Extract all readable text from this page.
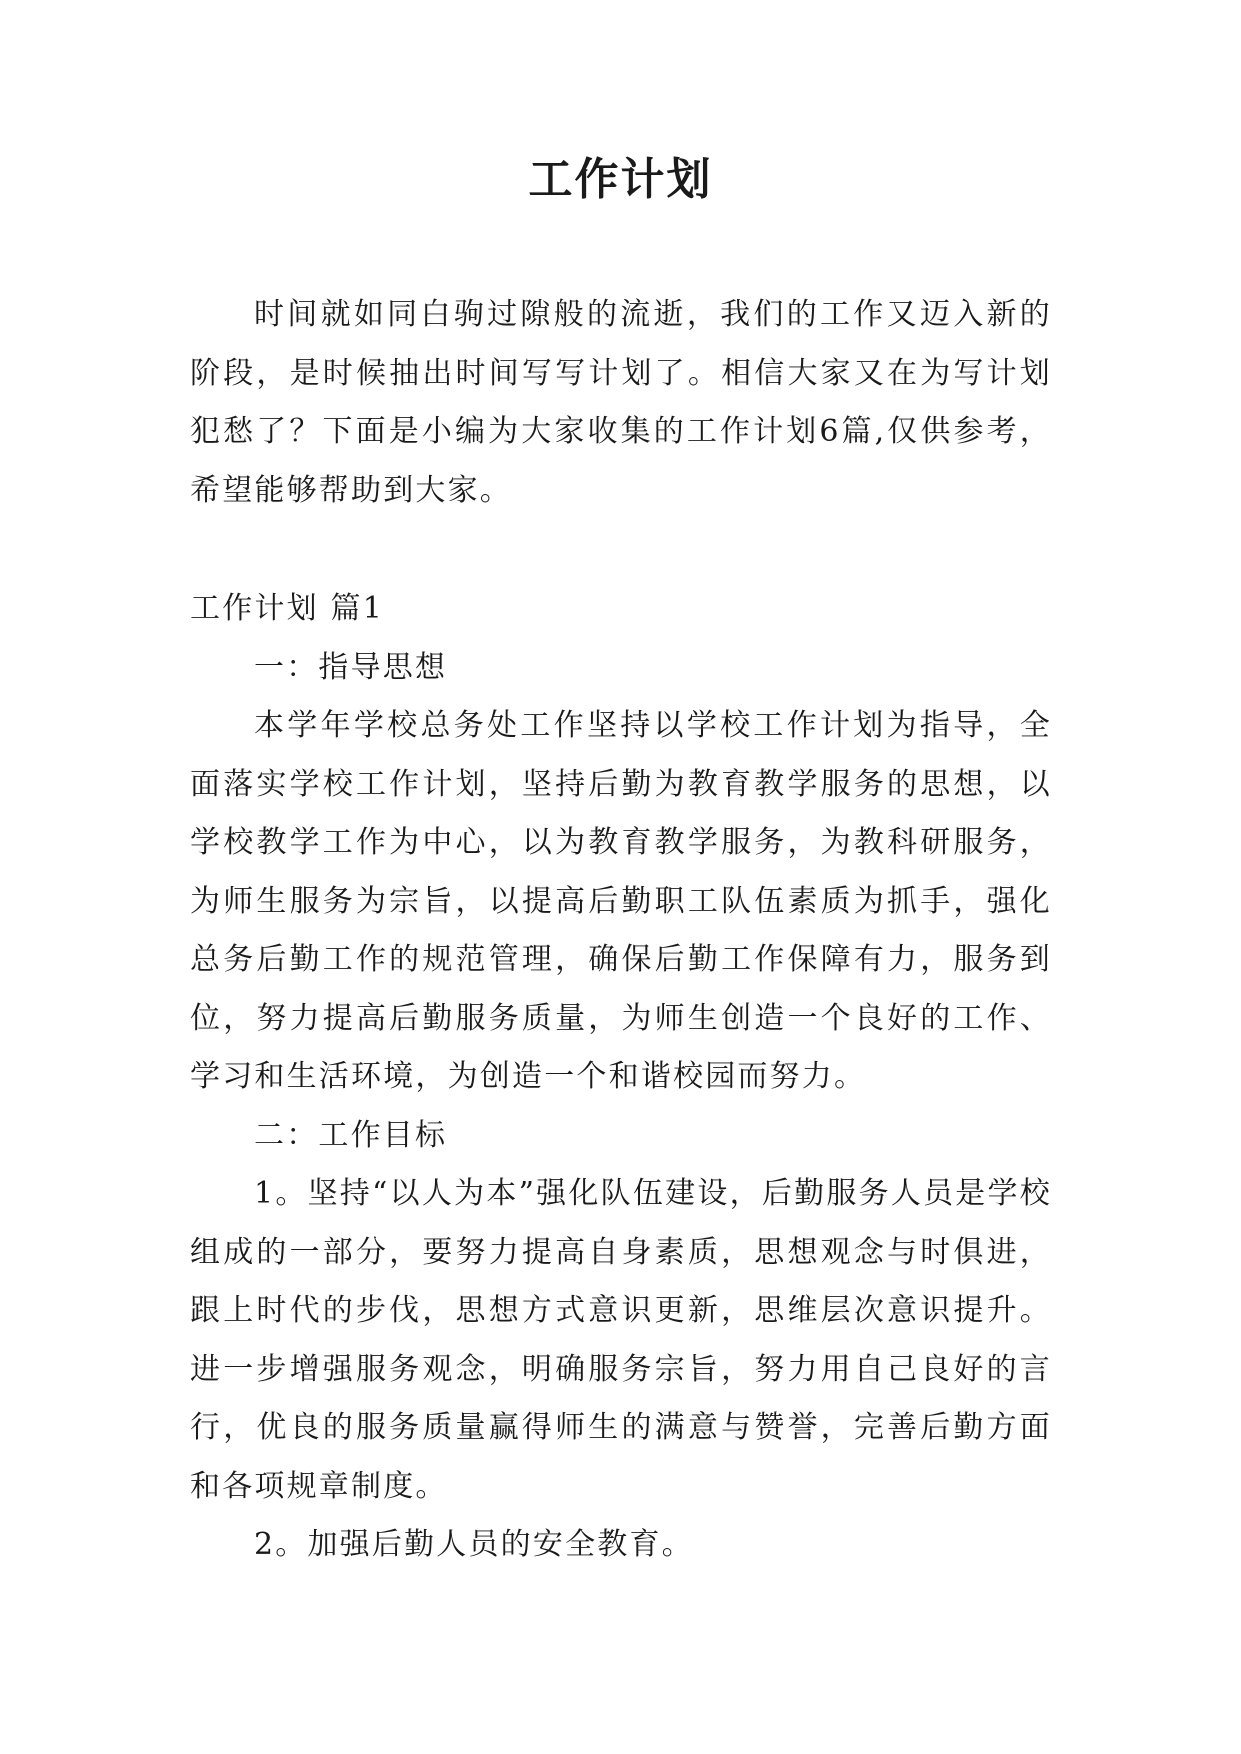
工作计划

时间就如同白驹过隙般的流逝，我们的工作又迈入新的阶段，是时候抽出时间写写计划了。相信大家又在为写计划犯愁了？下面是小编为大家收集的工作计划6篇,仅供参考，希望能够帮助到大家。

工作计划 篇1

一：指导思想

本学年学校总务处工作坚持以学校工作计划为指导，全面落实学校工作计划，坚持后勤为教育教学服务的思想，以学校教学工作为中心，以为教育教学服务，为教科研服务，为师生服务为宗旨，以提高后勤职工队伍素质为抓手，强化总务后勤工作的规范管理，确保后勤工作保障有力，服务到位，努力提高后勤服务质量，为师生创造一个良好的工作、学习和生活环境，为创造一个和谐校园而努力。

二：工作目标

1。坚持“以人为本”强化队伍建设，后勤服务人员是学校组成的一部分，要努力提高自身素质，思想观念与时俱进，跟上时代的步伐，思想方式意识更新，思维层次意识提升。进一步增强服务观念，明确服务宗旨，努力用自己良好的言行，优良的服务质量赢得师生的满意与赞誉，完善后勤方面和各项规章制度。

2。加强后勤人员的安全教育。
